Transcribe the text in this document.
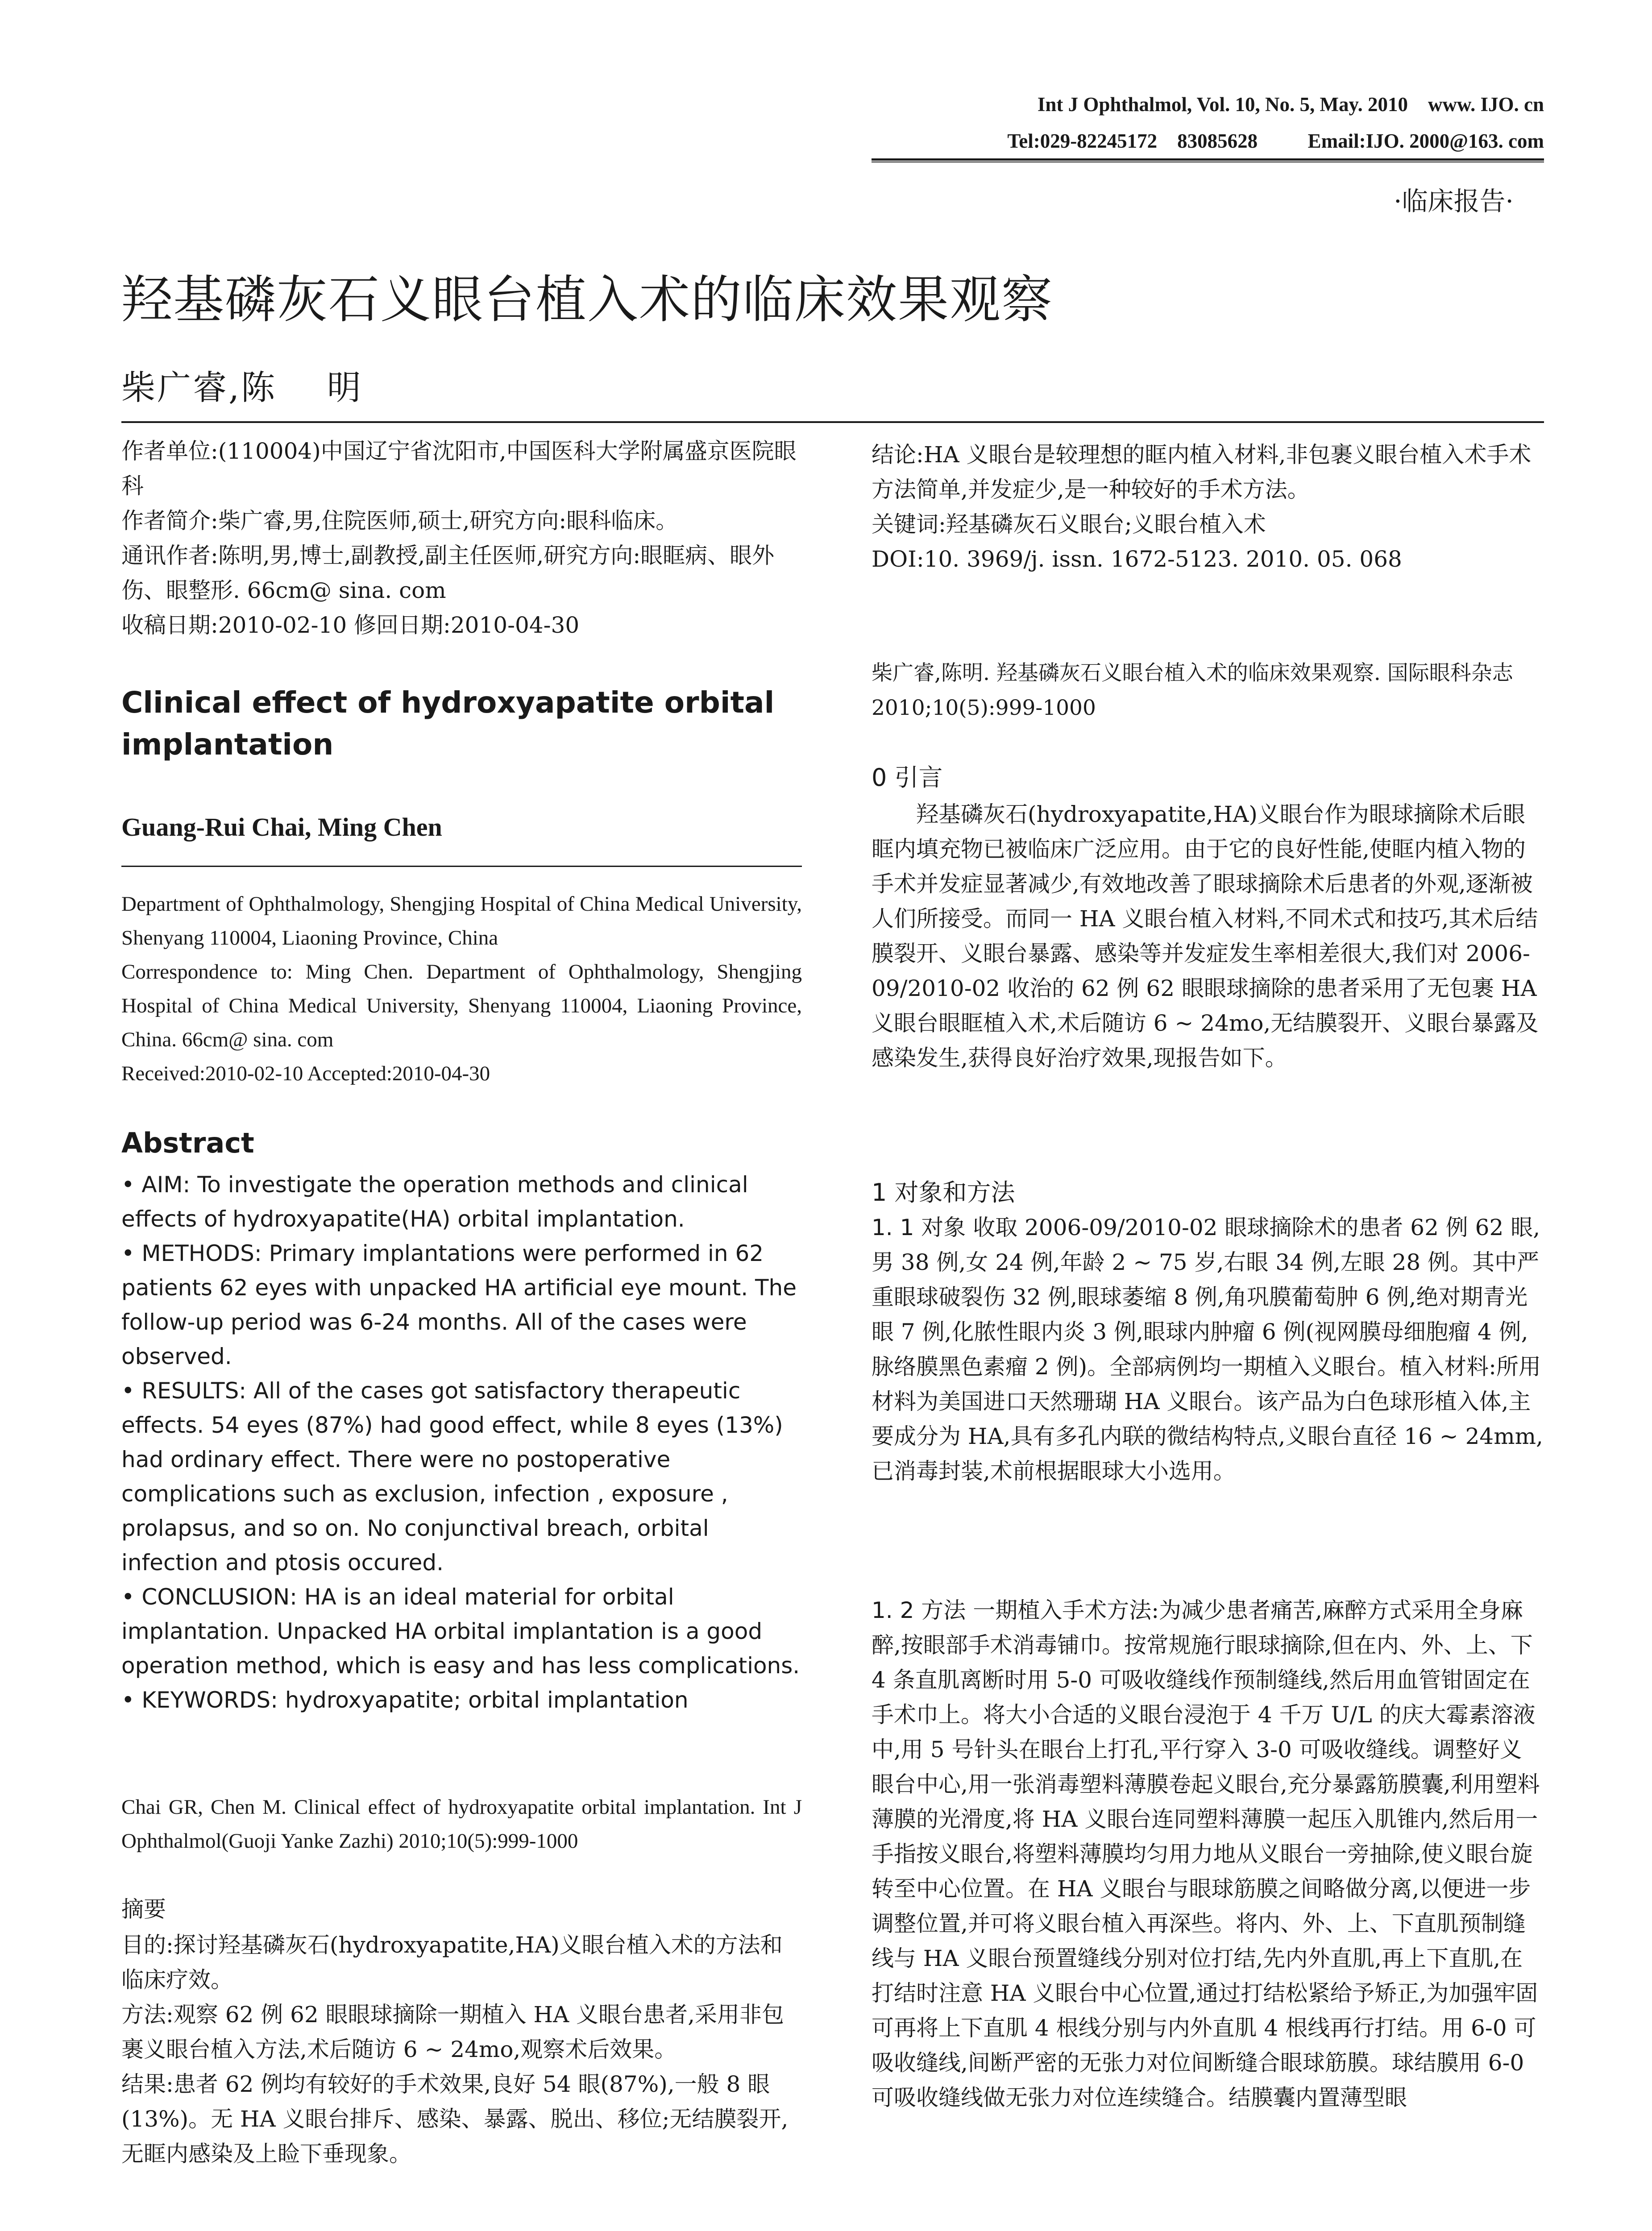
Int J Ophthalmol, Vol. 10, No. 5, May. 2010    www. IJO. cn
Tel:029-82245172    83085628          Email:IJO. 2000@163. com
·临床报告·
羟基磷灰石义眼台植入术的临床效果观察
柴广睿,陈    明

作者单位:(110004)中国辽宁省沈阳市,中国医科大学附属盛京医院眼科

作者简介:柴广睿,男,住院医师,硕士,研究方向:眼科临床。

通讯作者:陈明,男,博士,副教授,副主任医师,研究方向:眼眶病、眼外伤、眼整形. 66cm@ sina. com

收稿日期:2010-02-10 修回日期:2010-04-30

Clinical effect of hydroxyapatite orbital implantation
Guang-Rui Chai, Ming Chen

Department of Ophthalmology, Shengjing Hospital of China Medical University, Shenyang 110004, Liaoning Province, China

Correspondence to: Ming Chen. Department of Ophthalmology, Shengjing Hospital of China Medical University, Shenyang 110004, Liaoning Province, China. 66cm@ sina. com

Received:2010-02-10 Accepted:2010-04-30

Abstract

• AIM: To investigate the operation methods and clinical effects of hydroxyapatite(HA) orbital implantation.

• METHODS: Primary implantations were performed in 62 patients 62 eyes with unpacked HA artificial eye mount. The follow-up period was 6-24 months. All of the cases were observed.

• RESULTS: All of the cases got satisfactory therapeutic effects. 54 eyes (87%) had good effect, while 8 eyes (13%) had ordinary effect. There were no postoperative complications such as exclusion, infection , exposure , prolapsus, and so on. No conjunctival breach, orbital infection and ptosis occured.

• CONCLUSION: HA is an ideal material for orbital implantation. Unpacked HA orbital implantation is a good operation method, which is easy and has less complications.

• KEYWORDS: hydroxyapatite; orbital implantation

Chai GR, Chen M. Clinical effect of hydroxyapatite orbital implantation. Int J Ophthalmol(Guoji Yanke Zazhi) 2010;10(5):999-1000
摘要

目的:探讨羟基磷灰石(hydroxyapatite,HA)义眼台植入术的方法和临床疗效。

方法:观察 62 例 62 眼眼球摘除一期植入 HA 义眼台患者,采用非包裹义眼台植入方法,术后随访 6 ~ 24mo,观察术后效果。

结果:患者 62 例均有较好的手术效果,良好 54 眼(87%),一般 8 眼(13%)。无 HA 义眼台排斥、感染、暴露、脱出、移位;无结膜裂开,无眶内感染及上睑下垂现象。

结论:HA 义眼台是较理想的眶内植入材料,非包裹义眼台植入术手术方法简单,并发症少,是一种较好的手术方法。

关键词:羟基磷灰石义眼台;义眼台植入术

DOI:10. 3969/j. issn. 1672-5123. 2010. 05. 068

柴广睿,陈明. 羟基磷灰石义眼台植入术的临床效果观察. 国际眼科杂志 2010;10(5):999-1000
0 引言
羟基磷灰石(hydroxyapatite,HA)义眼台作为眼球摘除术后眼眶内填充物已被临床广泛应用。由于它的良好性能,使眶内植入物的手术并发症显著减少,有效地改善了眼球摘除术后患者的外观,逐渐被人们所接受。而同一 HA 义眼台植入材料,不同术式和技巧,其术后结膜裂开、义眼台暴露、感染等并发症发生率相差很大,我们对 2006-09/2010-02 收治的 62 例 62 眼眼球摘除的患者采用了无包裹 HA 义眼台眼眶植入术,术后随访 6 ~ 24mo,无结膜裂开、义眼台暴露及感染发生,获得良好治疗效果,现报告如下。
1 对象和方法
1. 1 对象 收取 2006-09/2010-02 眼球摘除术的患者 62 例 62 眼,男 38 例,女 24 例,年龄 2 ~ 75 岁,右眼 34 例,左眼 28 例。其中严重眼球破裂伤 32 例,眼球萎缩 8 例,角巩膜葡萄肿 6 例,绝对期青光眼 7 例,化脓性眼内炎 3 例,眼球内肿瘤 6 例(视网膜母细胞瘤 4 例,脉络膜黑色素瘤 2 例)。全部病例均一期植入义眼台。植入材料:所用材料为美国进口天然珊瑚 HA 义眼台。该产品为白色球形植入体,主要成分为 HA,具有多孔内联的微结构特点,义眼台直径 16 ~ 24mm,已消毒封装,术前根据眼球大小选用。
1. 2 方法 一期植入手术方法:为减少患者痛苦,麻醉方式采用全身麻醉,按眼部手术消毒铺巾。按常规施行眼球摘除,但在内、外、上、下 4 条直肌离断时用 5-0 可吸收缝线作预制缝线,然后用血管钳固定在手术巾上。将大小合适的义眼台浸泡于 4 千万 U/L 的庆大霉素溶液中,用 5 号针头在眼台上打孔,平行穿入 3-0 可吸收缝线。调整好义眼台中心,用一张消毒塑料薄膜卷起义眼台,充分暴露筋膜囊,利用塑料薄膜的光滑度,将 HA 义眼台连同塑料薄膜一起压入肌锥内,然后用一手指按义眼台,将塑料薄膜均匀用力地从义眼台一旁抽除,使义眼台旋转至中心位置。在 HA 义眼台与眼球筋膜之间略做分离,以便进一步调整位置,并可将义眼台植入再深些。将内、外、上、下直肌预制缝线与 HA 义眼台预置缝线分别对位打结,先内外直肌,再上下直肌,在打结时注意 HA 义眼台中心位置,通过打结松紧给予矫正,为加强牢固可再将上下直肌 4 根线分别与内外直肌 4 根线再行打结。用 6-0 可吸收缝线,间断严密的无张力对位间断缝合眼球筋膜。球结膜用 6-0 可吸收缝线做无张力对位连续缝合。结膜囊内置薄型眼
